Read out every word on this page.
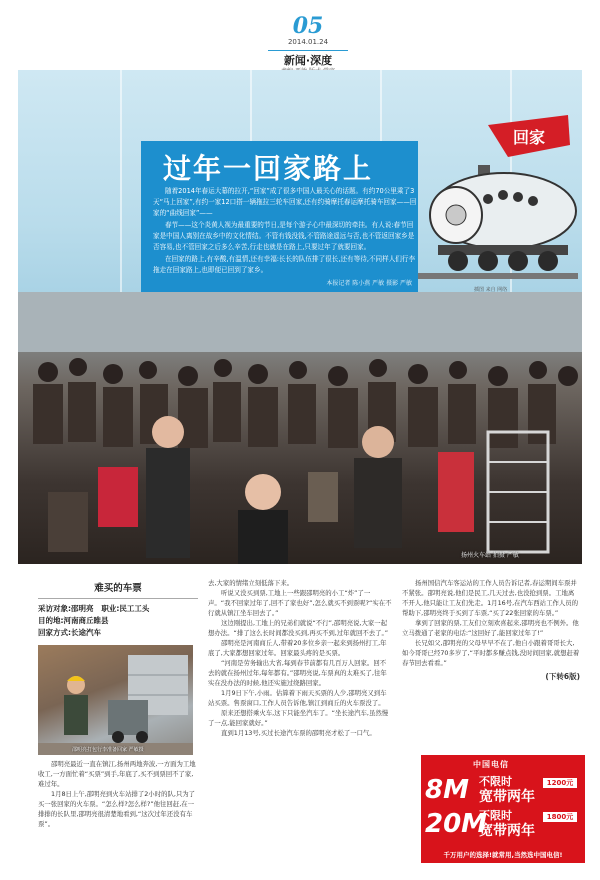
05
2014.01.24
新闻·深度
扬州火车站 拍摄 严敏
过年一回家路上

随着2014年春运大幕的拉开,“回家”成了很多中国人最关心的话题。有约70公里乘了3天“马上回家”,有约一家12口搭一辆拖拉三轮车回家,还有约骑摩托春运摩托骑车回家——回家的“曲线回家”——

春节——这个炎黄人视为最重要的节日,是每个游子心中最深切的牵挂。有人说:春节回家是中国人离别在故乡中的文化情结。不管有钱没钱,不管路途遥远与否,也不管返回家乡是否容易,也不管回家之后多么辛苦,行走也就是在路上,只要过年了就要回家。

在回家的路上,有辛酸,有温情,还有幸福:长长的队伍排了很长,还有等待,不同样人们行李拖走在回家路上,也即便已回到了家乡。

本报记者 陈小燕 严敏 摄影 严敏
回家
插图 来自 网络
难买的车票
采访对象:邵明亮 职业:民工工头
目的地:河南商丘睢县
回家方式:长途汽车
邵明亮打包行李准备回家 严敏摄

邵明亮最近一直在镇江,扬州两地奔波,一方面为工地收工,一方面忙着“买票”到手,年底了,买不到票回不了家,难过年。

1月8日上午,邵明亮到火车站排了2小时的队,只为了买一张回家的火车票。“怎么样?怎么样?”他往回赶,在一排排的长队里,邵明亮很清楚地看到,“这次过年还没有车票”。

去,大家的情绪立刻低落下来。

听说又没买到票,工地上一些跟邵明亮的小工“炸”了一声。“我不回家过年了,回不了家也好”,怎么就买不到票呢?“实在不行就从镇江坐车回去了。”

这边刚提出,工地上的兄弟们就说“不行”,邵明亮说,大家一起想办法。“排了这么长时间都没买到,再买不到,过年就回不去了。”

邵明亮是河南商丘人,带着20多位乡亲一起来到扬州打工,年底了,大家都想回家过年。回家最头疼的是买票。

“河南是劳务输出大省,每到春节前都有几百万人回家。回不去的就在扬州过年,每年都有。”邵明亮说,车票真的太难买了,往年实在没办法的时候,他还实施过绕路回家。

1月9日下午,小雨。估算着下雨天买票的人少,邵明亮又到车站买票。售票窗口,工作人员告诉他,镇江到商丘的火车票没了。

原来还想搭乘火车,这下只能坐汽车了。“坐长途汽车,虽然慢了一点,能回家就好。”

直到1月13号,买过长途汽车票的邵明亮才松了一口气。

扬州国信汽车客运站的工作人员告诉记者,春运期间车票并不紧张。邵明亮说,他们是民工,几天过去,也没抢到票。工地离不开人,他只能让工友们先走。1月16号,在汽车西站工作人员的帮助下,邵明亮终于买到了车票,“买了22张回家的车票。”

拿到了回家的票,工友们立刻欢喜起来,邵明亮也不例外。他立马拨通了老家的电话:“这回好了,能回家过年了!”

长兄如父,邵明亮的父母早早不在了,他自小跟着哥哥长大,如今哥哥已经70多岁了,“平时都多赚点钱,没时间回家,就想赶着春节回去看看。”

(下转6版)
中国电信
8M 不限时
宽带两年
1200元
20M
不限时
宽带两年
1800元
千万用户的选择!就常用,当然选中国电信!
